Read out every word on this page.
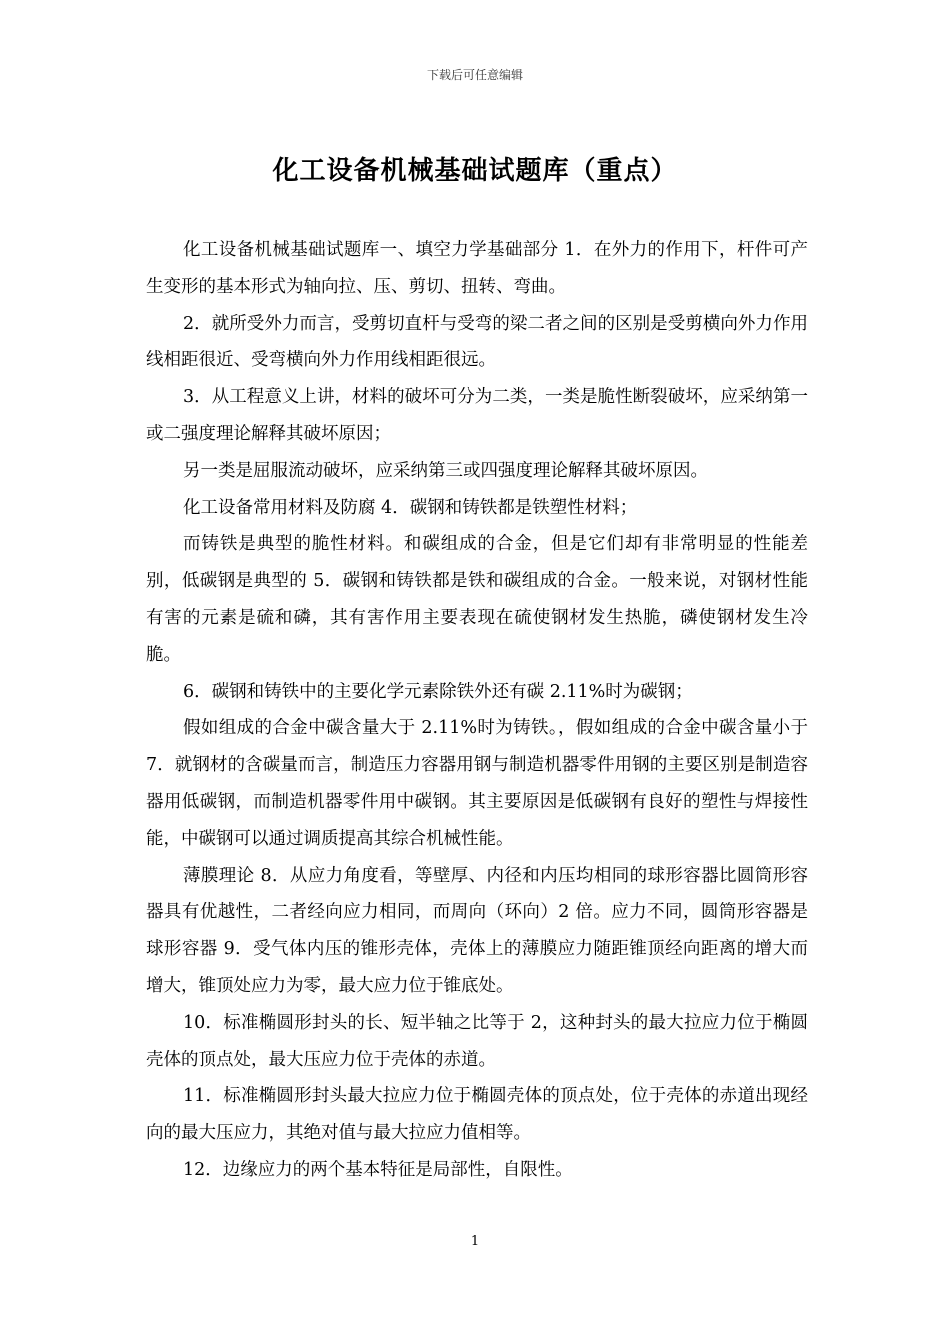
下载后可任意编辑
化工设备机械基础试题库（重点）

化工设备机械基础试题库一、填空力学基础部分 1．在外力的作用下，杆件可产生变形的基本形式为轴向拉、压、剪切、扭转、弯曲。

2．就所受外力而言，受剪切直杆与受弯的梁二者之间的区别是受剪横向外力作用线相距很近、受弯横向外力作用线相距很远。

3．从工程意义上讲，材料的破坏可分为二类，一类是脆性断裂破坏，应采纳第一或二强度理论解释其破坏原因；

另一类是屈服流动破坏，应采纳第三或四强度理论解释其破坏原因。

化工设备常用材料及防腐 4．碳钢和铸铁都是铁塑性材料；

而铸铁是典型的脆性材料。和碳组成的合金，但是它们却有非常明显的性能差别，低碳钢是典型的 5．碳钢和铸铁都是铁和碳组成的合金。一般来说，对钢材性能有害的元素是硫和磷，其有害作用主要表现在硫使钢材发生热脆，磷使钢材发生冷脆。

6．碳钢和铸铁中的主要化学元素除铁外还有碳 2.11%时为碳钢；

假如组成的合金中碳含量大于 2.11%时为铸铁。，假如组成的合金中碳含量小于 7．就钢材的含碳量而言，制造压力容器用钢与制造机器零件用钢的主要区别是制造容器用低碳钢，而制造机器零件用中碳钢。其主要原因是低碳钢有良好的塑性与焊接性能，中碳钢可以通过调质提高其综合机械性能。

薄膜理论 8．从应力角度看，等壁厚、内径和内压均相同的球形容器比圆筒形容器具有优越性，二者经向应力相同，而周向（环向）2 倍。应力不同，圆筒形容器是球形容器 9．受气体内压的锥形壳体，壳体上的薄膜应力随距锥顶经向距离的增大而增大，锥顶处应力为零，最大应力位于锥底处。

10．标准椭圆形封头的长、短半轴之比等于 2，这种封头的最大拉应力位于椭圆壳体的顶点处，最大压应力位于壳体的赤道。

11．标准椭圆形封头最大拉应力位于椭圆壳体的顶点处，位于壳体的赤道出现经向的最大压应力，其绝对值与最大拉应力值相等。

12．边缘应力的两个基本特征是局部性，自限性。

1
